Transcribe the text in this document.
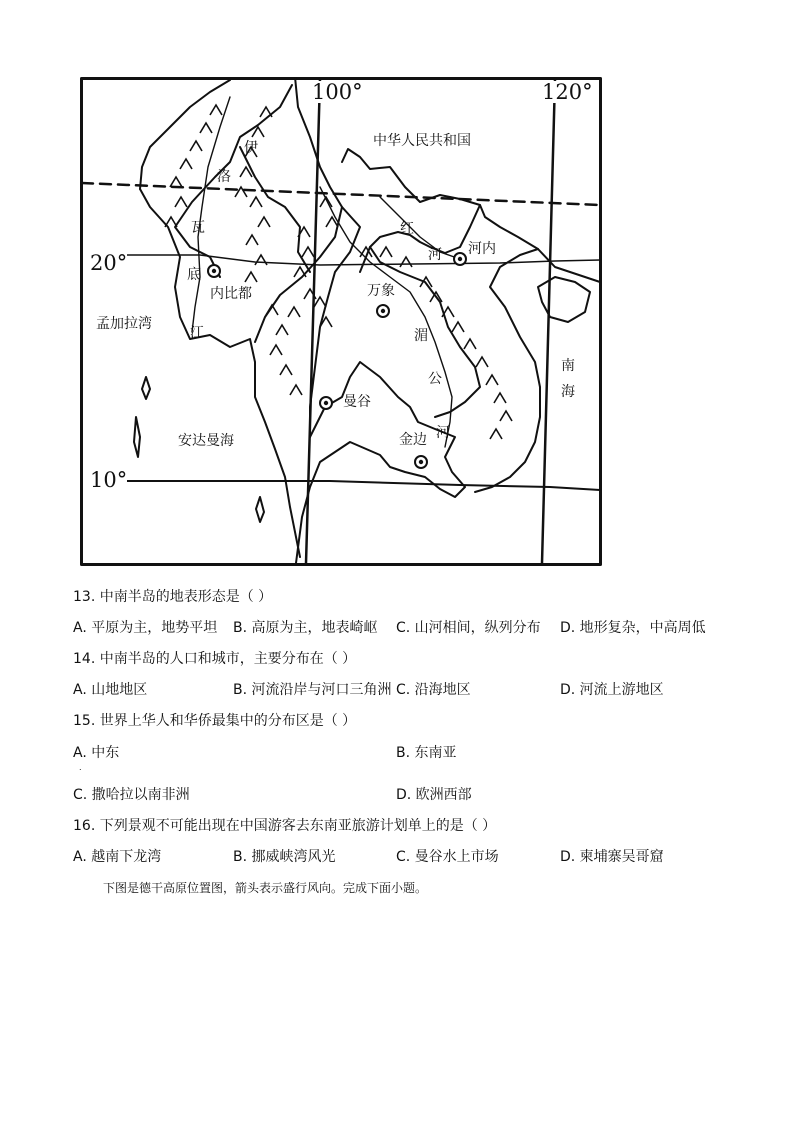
100°	120°
20°
10°
中华人民共和国
孟加拉湾
安达曼海
南
海
伊
洛
瓦
底
江
红
河
湄
公
河
内比都	万象
河内
曼谷
金边
13. 中南半岛的地表形态是（ ）
A. 平原为主，地势平坦 B. 高原为主，地表崎岖 C. 山河相间，纵列分布 D. 地形复杂，中高周低
14. 中南半岛的人口和城市，主要分布在（ ）
A. 山地地区	B. 河流沿岸与河口三角洲 C. 沿海地区	D. 河流上游地区
15. 世界上华人和华侨最集中的分布区是（ ）
A. 中东	B. 东南亚
.
C. 撒哈拉以南非洲	D. 欧洲西部
16. 下列景观不可能出现在中国游客去东南亚旅游计划单上的是（ ）
A. 越南下龙湾	B. 挪威峡湾风光	C. 曼谷水上市场	D. 柬埔寨吴哥窟
下图是德干高原位置图，箭头表示盛行风向。完成下面小题。
